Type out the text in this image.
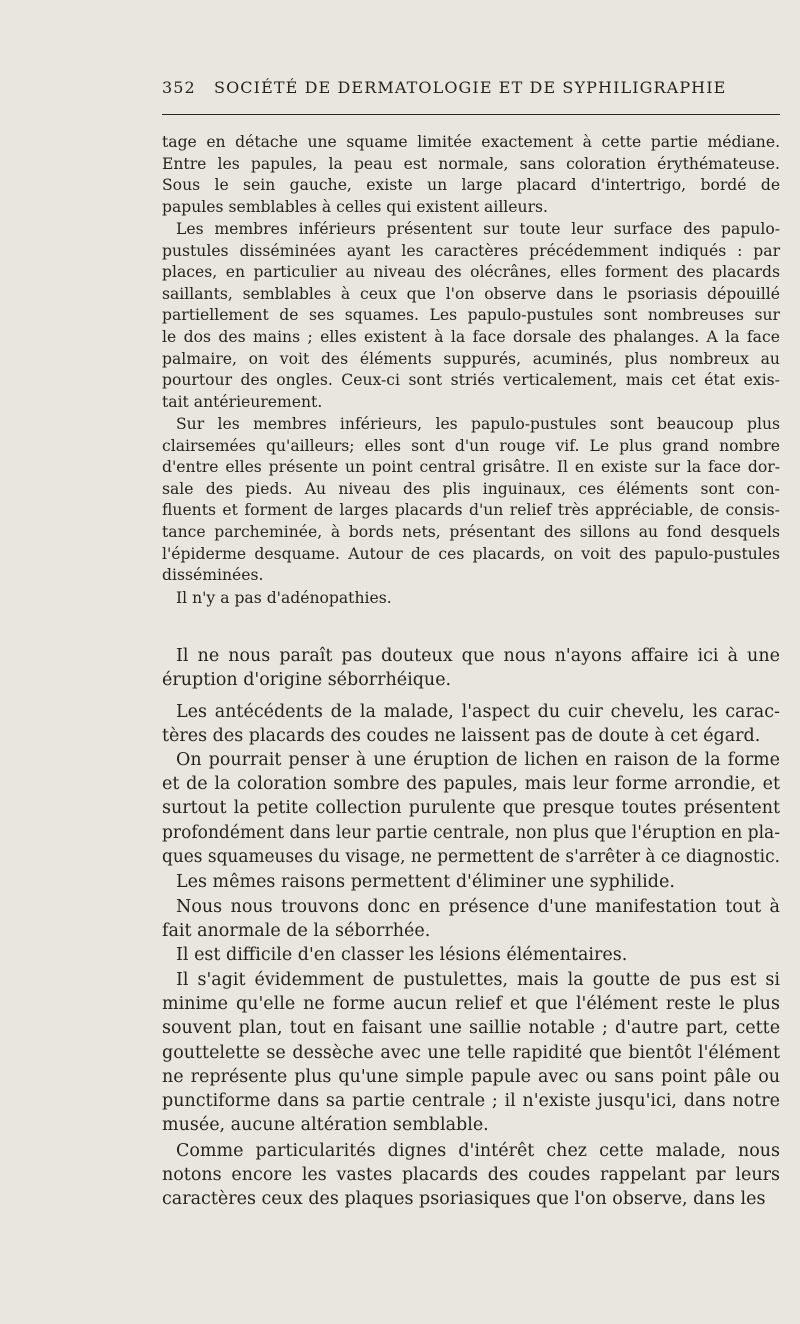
352 SOCIÉTÉ DE DERMATOLOGIE ET DE SYPHILIGRAPHIE

tage en détache une squame limitée exactement à cette partie médiane.
Entre les papules, la peau est normale, sans coloration érythémateuse.
Sous le sein gauche, existe un large placard d'intertrigo, bordé de
papules semblables à celles qui existent ailleurs.

Les membres inférieurs présentent sur toute leur surface des papulo-
pustules disséminées ayant les caractères précédemment indiqués : par
places, en particulier au niveau des olécrânes, elles forment des placards
saillants, semblables à ceux que l'on observe dans le psoriasis dépouillé
partiellement de ses squames. Les papulo-pustules sont nombreuses sur
le dos des mains ; elles existent à la face dorsale des phalanges. A la face
palmaire, on voit des éléments suppurés, acuminés, plus nombreux au
pourtour des ongles. Ceux-ci sont striés verticalement, mais cet état exis-
tait antérieurement.

Sur les membres inférieurs, les papulo-pustules sont beaucoup plus
clairsemées qu'ailleurs; elles sont d'un rouge vif. Le plus grand nombre
d'entre elles présente un point central grisâtre. Il en existe sur la face dor-
sale des pieds. Au niveau des plis inguinaux, ces éléments sont con-
fluents et forment de larges placards d'un relief très appréciable, de consis-
tance parcheminée, à bords nets, présentant des sillons au fond desquels
l'épiderme desquame. Autour de ces placards, on voit des papulo-pustules
disséminées.

Il n'y a pas d'adénopathies.

Il ne nous paraît pas douteux que nous n'ayons affaire ici à une
éruption d'origine séborrhéique.

Les antécédents de la malade, l'aspect du cuir chevelu, les carac-
tères des placards des coudes ne laissent pas de doute à cet égard.

On pourrait penser à une éruption de lichen en raison de la forme
et de la coloration sombre des papules, mais leur forme arrondie, et
surtout la petite collection purulente que presque toutes présentent
profondément dans leur partie centrale, non plus que l'éruption en pla-
ques squameuses du visage, ne permettent de s'arrêter à ce diagnostic.

Les mêmes raisons permettent d'éliminer une syphilide.

Nous nous trouvons donc en présence d'une manifestation tout à
fait anormale de la séborrhée.

Il est difficile d'en classer les lésions élémentaires.

Il s'agit évidemment de pustulettes, mais la goutte de pus est si
minime qu'elle ne forme aucun relief et que l'élément reste le plus
souvent plan, tout en faisant une saillie notable ; d'autre part, cette
gouttelette se dessèche avec une telle rapidité que bientôt l'élément
ne représente plus qu'une simple papule avec ou sans point pâle ou
punctiforme dans sa partie centrale ; il n'existe jusqu'ici, dans notre
musée, aucune altération semblable.

Comme particularités dignes d'intérêt chez cette malade, nous
notons encore les vastes placards des coudes rappelant par leurs
caractères ceux des plaques psoriasiques que l'on observe, dans les
